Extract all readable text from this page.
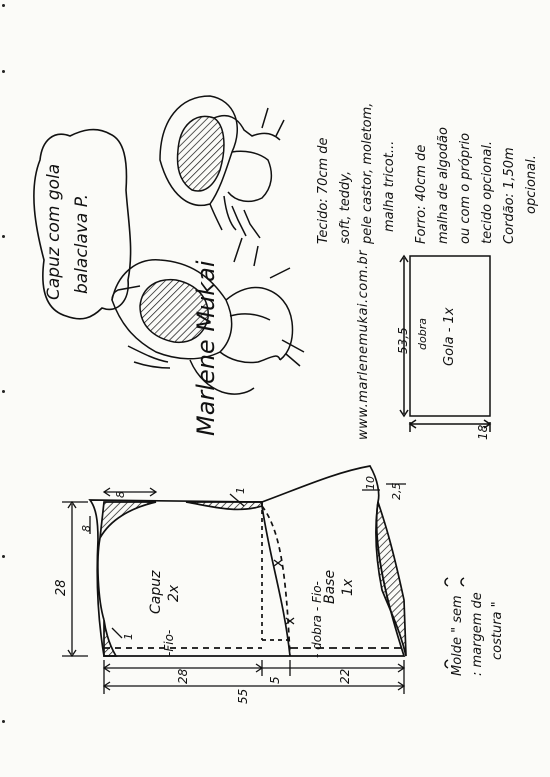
Capuz com gola balaclava P.	Tecido: 70cm de soft, teddy, pele castor, moletom, malha tricot... Forro: 40cm de malha de algodão ou com o próprio tecido opcional. Cordão: 1,50m opcional.
www.marlenemukai.com.br
Marlene Mukai	53,5 dobra Gola - 1x
18
Molde " sem : margem de costura "
Capuz 2x	Base 1x
-Fio-	- dobra - Fio-
28
8
8
1
1
10 2,5
28	5	22
55
